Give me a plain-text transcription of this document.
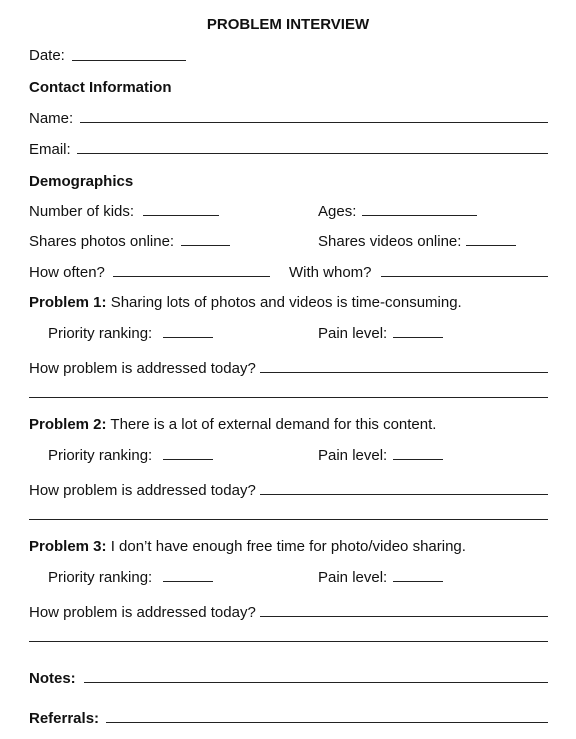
PROBLEM INTERVIEW
Date:
Contact Information
Name:
Email:
Demographics
Number of kids:	Ages:
Shares photos online:	Shares videos online:
How often?	With whom?
Problem 1: Sharing lots of photos and videos is time-consuming.
Priority ranking:	Pain level:
How problem is addressed today?
Problem 2: There is a lot of external demand for this content.
Priority ranking:	Pain level:
How problem is addressed today?
Problem 3: I don’t have enough free time for photo/video sharing.
Priority ranking:	Pain level:
How problem is addressed today?
Notes:
Referrals:
